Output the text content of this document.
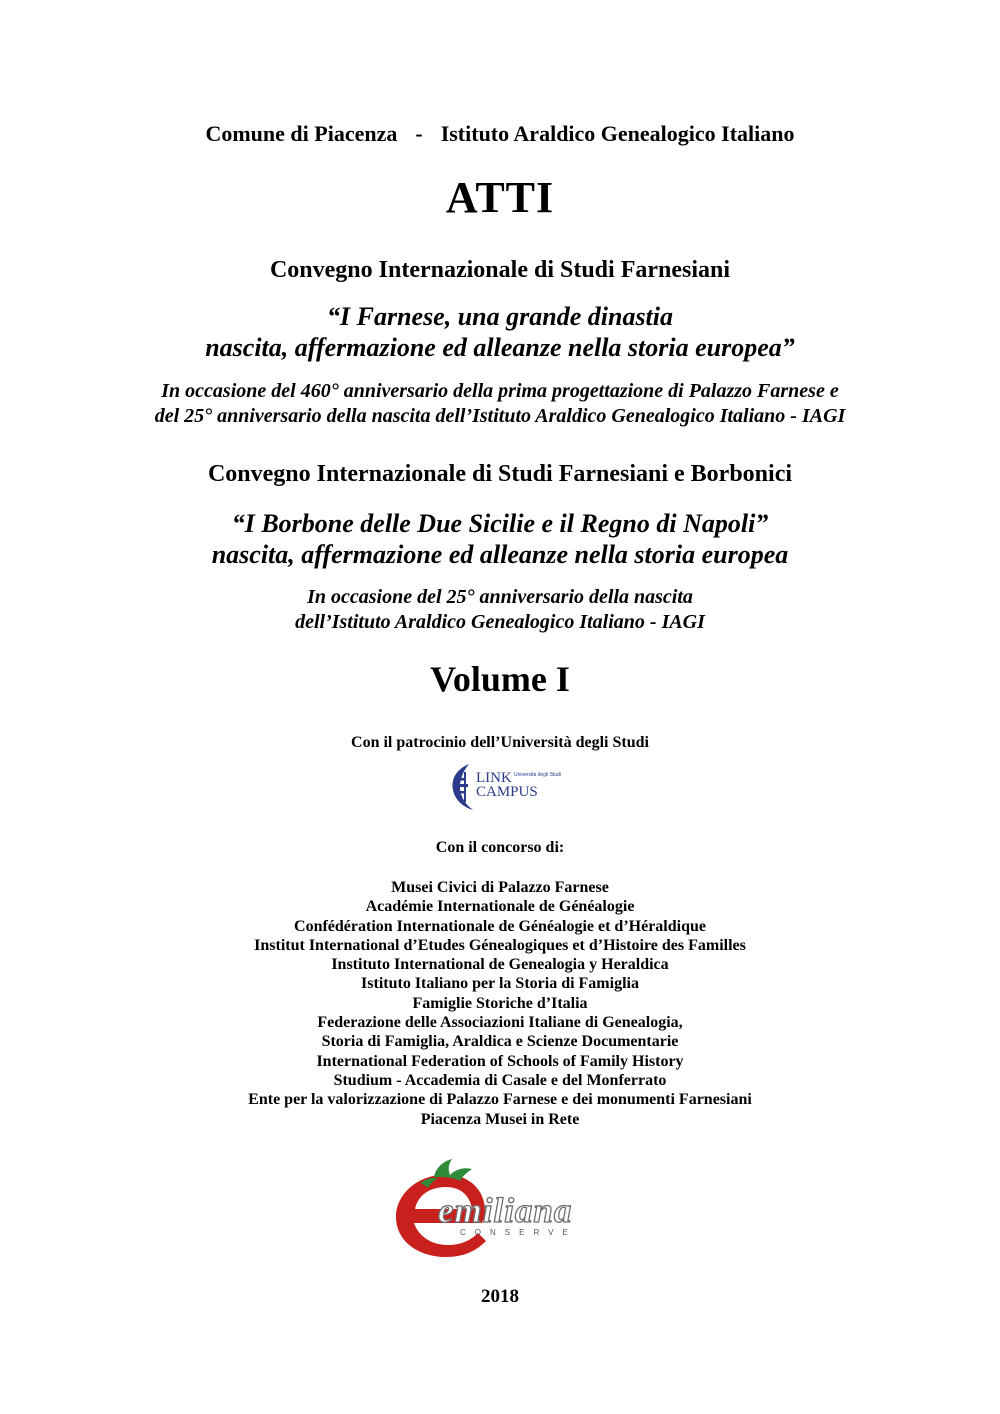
Comune di Piacenza - Istituto Araldico Genealogico Italiano
ATTI
Convegno Internazionale di Studi Farnesiani
“I Farnese, una grande dinastia
nascita, affermazione ed alleanze nella storia europea”
In occasione del 460° anniversario della prima progettazione di Palazzo Farnese e
del 25° anniversario della nascita dell’Istituto Araldico Genealogico Italiano - IAGI
Convegno Internazionale di Studi Farnesiani e Borbonici
“I Borbone delle Due Sicilie e il Regno di Napoli”
nascita, affermazione ed alleanze nella storia europea
In occasione del 25° anniversario della nascita
dell’Istituto Araldico Genealogico Italiano - IAGI
Volume I
Con il patrocinio dell’Università degli Studi
LINK
CAMPUS
Università degli Studi
Con il concorso di:
Musei Civici di Palazzo Farnese
Académie Internationale de Généalogie
Confédération Internationale de Généalogie et d’Héraldique
Institut International d’Etudes Génealogiques et d’Histoire des Familles
Instituto International de Genealogia y Heraldica
Istituto Italiano per la Storia di Famiglia
Famiglie Storiche d’Italia
Federazione delle Associazioni Italiane di Genealogia,
Storia di Famiglia, Araldica e Scienze Documentarie
International Federation of Schools of Family History
Studium - Accademia di Casale e del Monferrato
Ente per la valorizzazione di Palazzo Farnese e dei monumenti Farnesiani
Piacenza Musei in Rete
emiliana
CONSERVE
2018
